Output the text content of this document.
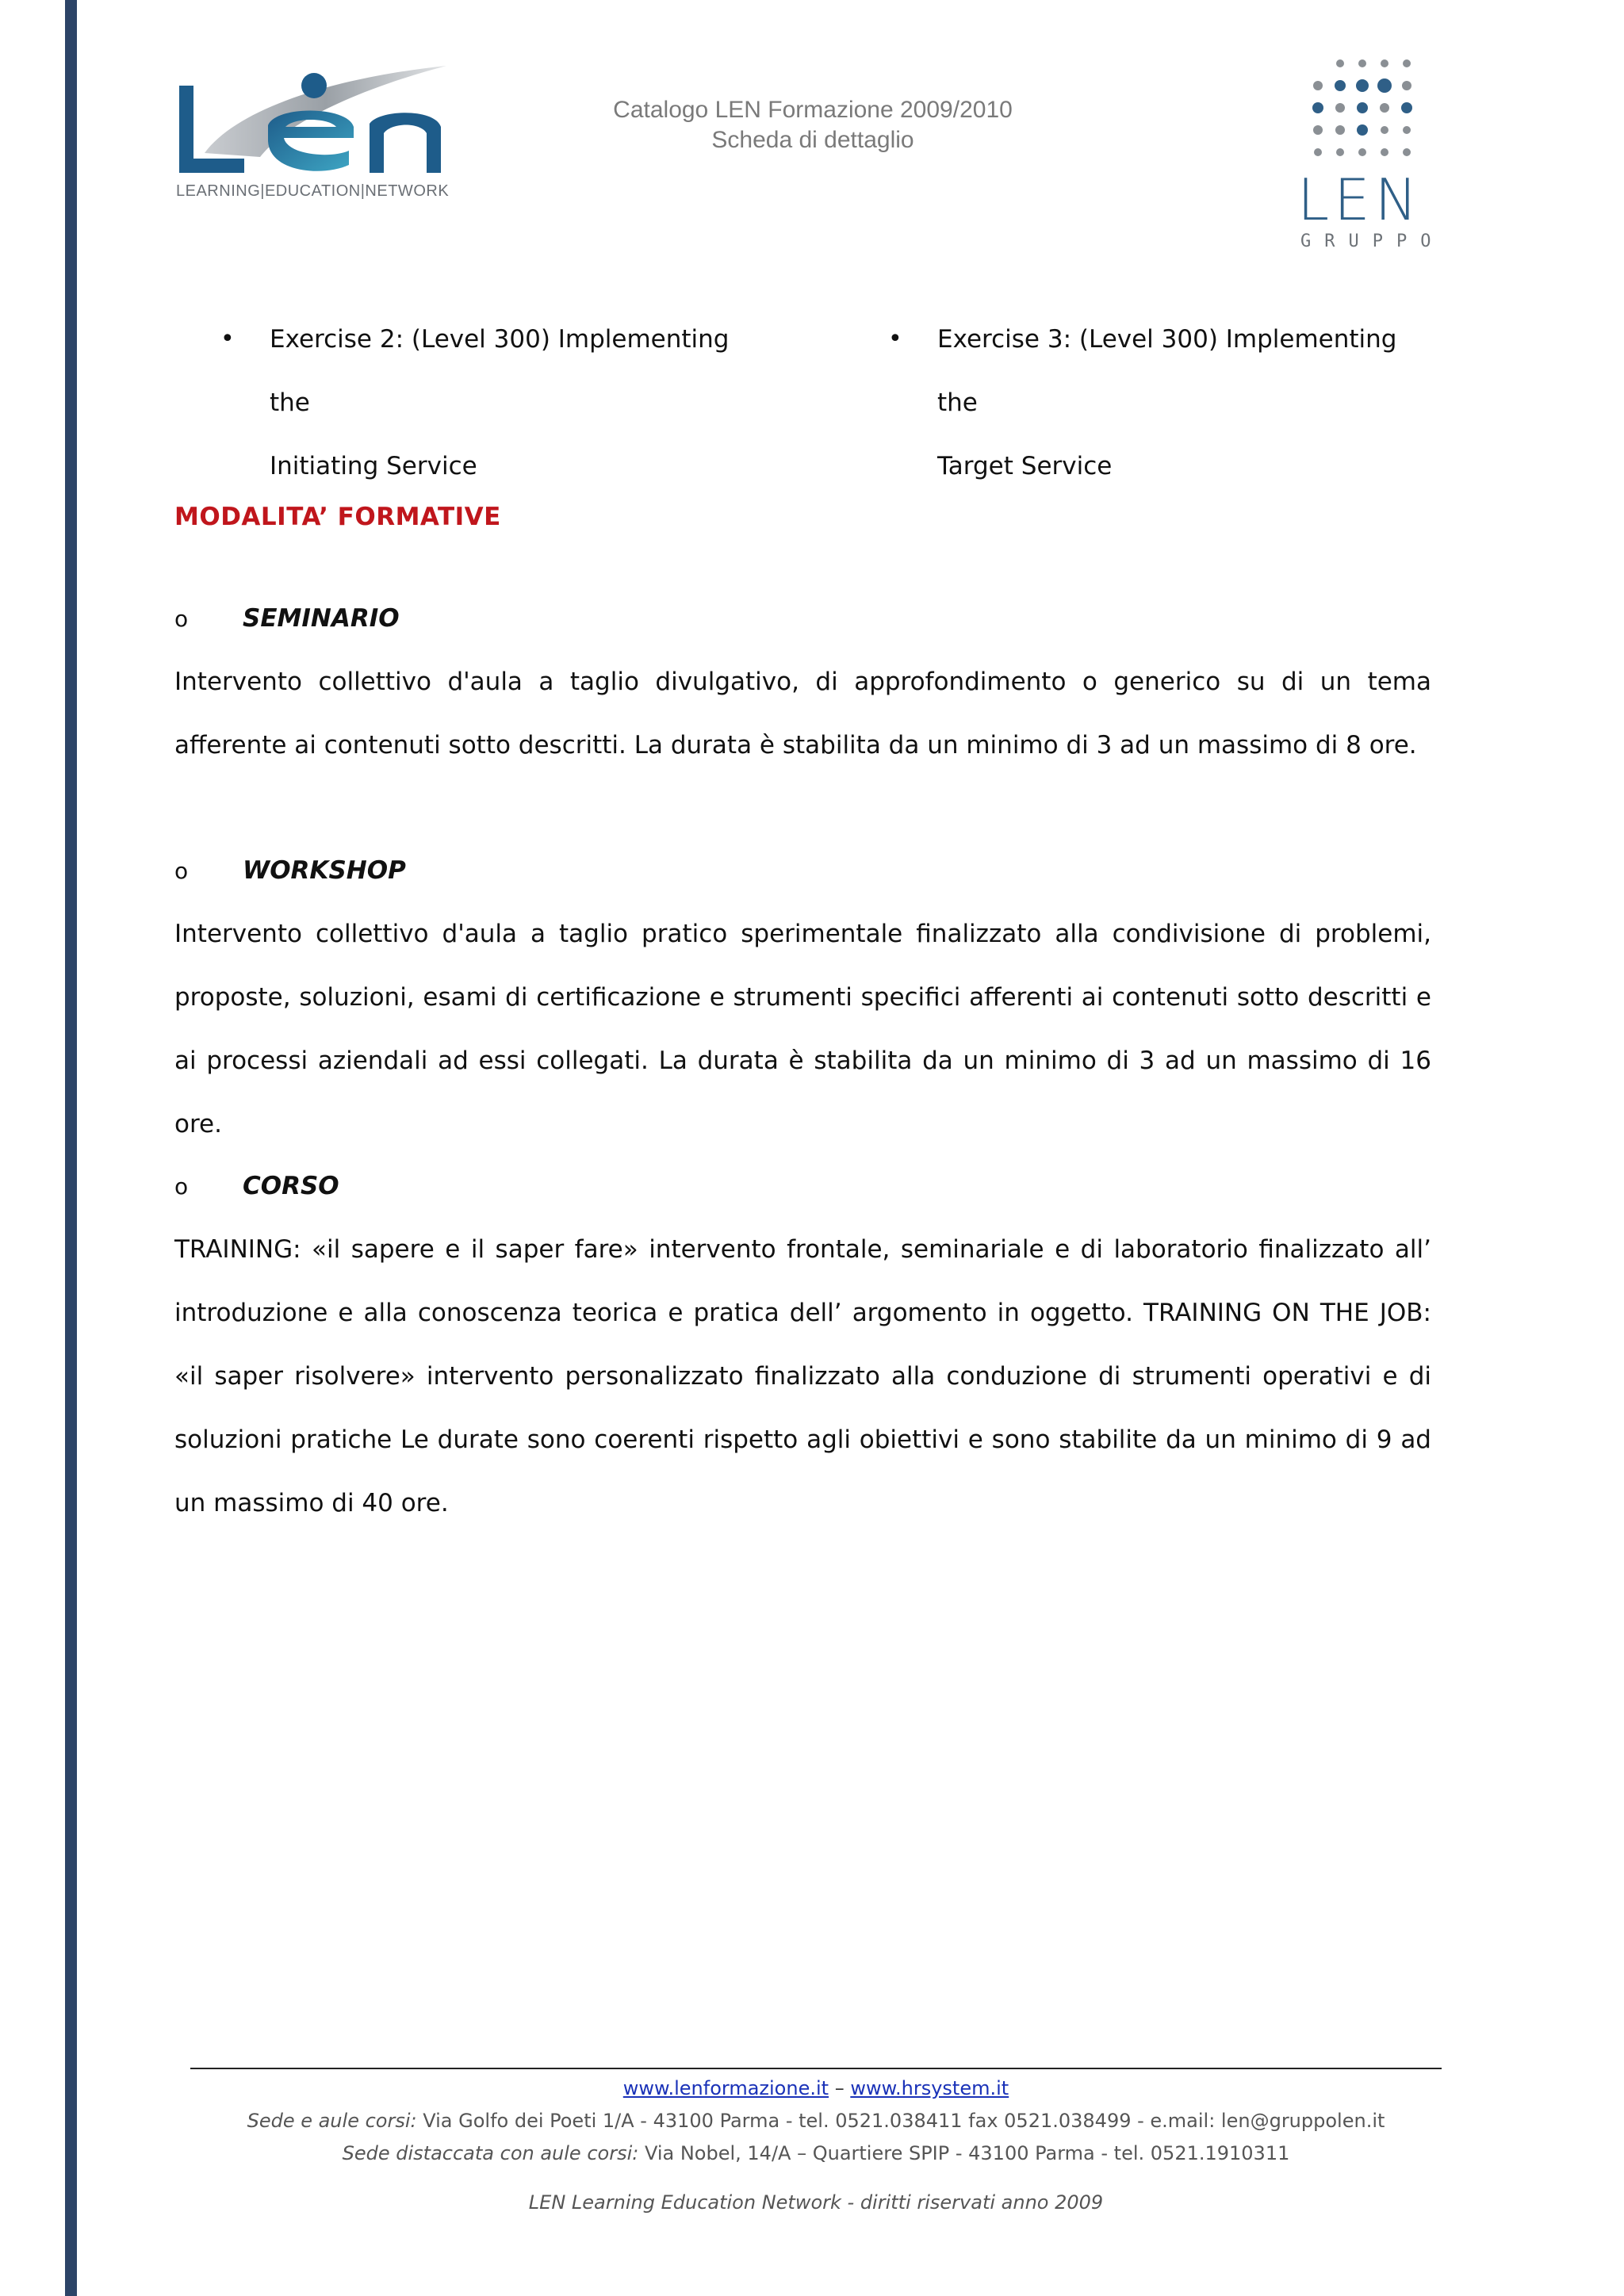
LEARNING|EDUCATION|NETWORK
Catalogo LEN Formazione 2009/2010
Scheda di dettaglio
LEN
GRUPPO
• Exercise 2: (Level 300) Implementing the
Initiating Service
• Exercise 3: (Level 300) Implementing the
Target Service
MODALITA’ FORMATIVE
o SEMINARIO
Intervento collettivo d'aula a taglio divulgativo, di approfondimento o generico su di un tema afferente ai contenuti sotto descritti. La durata è stabilita da un minimo di 3 ad un massimo di 8 ore.
o WORKSHOP
Intervento collettivo d'aula a taglio pratico sperimentale finalizzato alla condivisione di problemi, proposte, soluzioni, esami di certificazione e strumenti specifici afferenti ai contenuti sotto descritti e ai processi aziendali ad essi collegati. La durata è stabilita da un minimo di 3 ad un massimo di 16 ore.
o CORSO
TRAINING: «il sapere e il saper fare» intervento frontale, seminariale e di laboratorio finalizzato all’ introduzione e alla conoscenza teorica e pratica dell’ argomento in oggetto. TRAINING ON THE JOB: «il saper risolvere» intervento personalizzato finalizzato alla conduzione di strumenti operativi e di soluzioni pratiche Le durate sono coerenti rispetto agli obiettivi e sono stabilite da un minimo di 9 ad un massimo di 40 ore.
www.lenformazione.it – www.hrsystem.it
Sede e aule corsi: Via Golfo dei Poeti 1/A - 43100 Parma - tel. 0521.038411 fax 0521.038499 - e.mail: len@gruppolen.it
Sede distaccata con aule corsi: Via Nobel, 14/A – Quartiere SPIP - 43100 Parma - tel. 0521.1910311
LEN Learning Education Network - diritti riservati anno 2009
